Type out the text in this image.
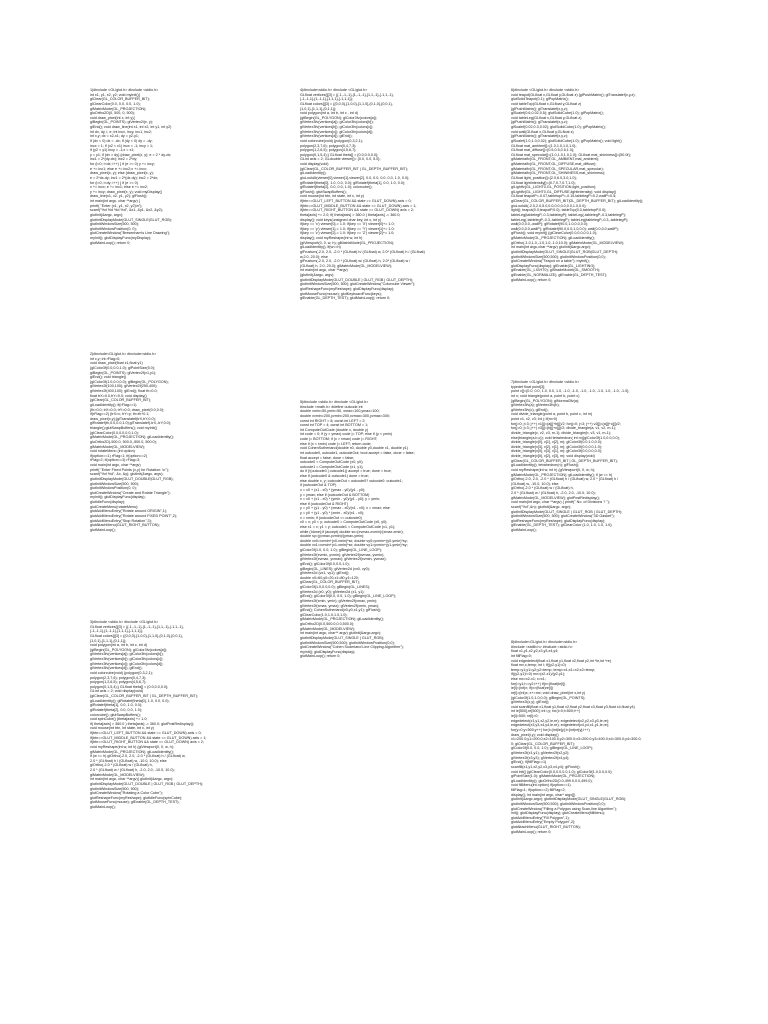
1)#include <GL/glut.h> #include <stdio.h>
int x1, y1, x2, y2; void myInit(){
glClear(GL_COLOR_BUFFER_BIT);
glClearColor(0.0, 0.0, 0.0, 1.0);
glMatrixMode(GL_PROJECTION);
gluOrtho2D(0, 500, 0, 500);
void draw_pixel(int x, int y){
glBegin(GL_POINTS); glVertex2i(x, y);
glEnd(); void draw_line(int x1, int x2, int y1, int y2)
int dx, dy, i, e; int incx, incy, inc1, inc2;
int x,y; dx = x2-x1; dy = y2-y1;
if (dx < 0) dx = -dx; if (dy < 0) dy = -dy;
incx = 1; if (x2 < x1) incx = -1; incy = 1;
if (y2 < y1) incy = -1;x = x1;
y = y1; if (dx > dy) {draw_pixel(x, y); e = 2 * dy-dx;
inc1 = 2*(dy-dx); inc2 = 2*dy;
for (i=0; i<dx; i++) { if (e >= 0) y += incy;
e += inc1; else e += inc2;x += incx;
draw_pixel(x, y); else {draw_pixel(x, y);
e = 2*dx-dy; inc1 = 2*(dx-dy); inc2 = 2*dx;
for (i=0; i<dy; i++) { if (e >= 0)
x += incx; e += inc1; else e += inc2;
y += incy; draw_pixel(x, y); void myDisplay()
draw_line(x1, x2, y1, y2); glFlush();
int main(int argc, char **argv) {
printf( "Enter (x1, y1, x2, y2)\n");
scanf("%d %d %d %d", &x1, &y1, &x2, &y2);
glutInit(&argc, argv);
glutInitDisplayMode(GLUT_SINGLE|GLUT_RGB);
glutInitWindowSize(500, 500);
glutInitWindowPosition(0, 0);
glutCreateWindow("Bresenham's Line Drawing");
myInit(); glutDisplayFunc(myDisplay);
glutMainLoop(); return 0;
2)#include<GL/glut.h> #include<stdio.h>
int x,y; int rFlag=0;
void draw_pixel(float x1,float y1)
{glColor3f(0.0,0.0,1.0); glPointSize(5.0);
glBegin(GL_POINTS); glVertex2f(x1,y1);
glEnd(); void triangle()
{glColor3f(1.0,0.0,0.0); glBegin(GL_POLYGON);
glVertex2f(100,100); glVertex2f(250,400);
glVertex2f(400,100); glEnd(); float th=0.0;
float trX=0.0,trY=0.0; void display()
{glClear(GL_COLOR_BUFFER_BIT);
glLoadIdentity(); if(rFlag==1)
{th=0.0; trX=0.0; trY=0.0; draw_pixel(0.0,0.0);
if(rFlag==2) {trX=x; trY=y; th=th+0.1;
draw_pixel(x,y);}glTranslatef(trX,trY,0.0);
glRotatef(th,0.0,0.0,1.0);glTranslatef(-trX,-trY,0.0);
triangle();glutSwapBuffers(); void myInit()
{glClearColor(0.0,0.0,0.0,1.0);
glMatrixMode(GL_PROJECTION); glLoadIdentity();
gluOrtho2D(-500.0, 500.0,-500.0, 500.0);
glMatrixMode(GL_MODELVIEW);
void rotateMenu (int option)
if(option==1) rFlag=1; if(option==2)
rFlag=2; if(option==3) rFlag=3;
void main(int argc, char **argv)
printf( "Enter Fixed Points (x,y) for Rotation: \n");
scanf("%d %d", &x, &y); glutInit(&argc, argv);
glutInitDisplayMode(GLUT_DOUBLE|GLUT_RGB);
glutInitWindowSize(500, 500);
glutInitWindowPosition(0, 0);
glutCreateWindow("Create and Rotate Triangle");
myInit(); glutDisplayFunc(display);
glutIdleFunc(display);
glutCreateMenu(rotateMenu);
glutAddMenuEntry("Rotate around ORIGIN",1);
glutAddMenuEntry("Rotate around FIXED POINT",2);
glutAddMenuEntry("Stop Rotation",3);
glutAttachMenu(GLUT_RIGHT_BUTTON);
glutMainLoop();
3)#include <stdio.h> #include <GL/glut.h>
GLfloat vertices[][3] = {{-1,-1,-1},{1,-1,-1},{1,1,-1},{-1,1,-1},
{-1,-1,1},{1,-1,1},{1,1,1},{-1,1,1}};
GLfloat colors[][3] = {{0,0,0},{1,0,0},{1,1,0},{0,1,0},{0,0,1},
{1,0,1},{1,1,1},{0,1,1}};
void polygon(int a, int b, int c, int d)
{glBegin(GL_POLYGON); glColor3fv(colors[a]);
glVertex3fv(vertices[a]); glColor3fv(colors[b]);
glVertex3fv(vertices[b]); glColor3fv(colors[c]);
glVertex3fv(vertices[c]); glColor3fv(colors[d]);
glVertex3fv(vertices[d]); glEnd();
void colorcube(void) {polygon(0,3,2,1);
polygon(2,3,7,6); polygon(0,4,7,3);
polygon(1,2,6,5); polygon(4,5,6,7);
polygon(0,1,5,4);} GLfloat theta[] = {0.0,0.0,0.0};
GLint axis = 2; void display(void)
{glClear(GL_COLOR_BUFFER_BIT | GL_DEPTH_BUFFER_BIT);
glLoadIdentity(); glRotatef(theta[0], 1.0, 0.0, 0.0);
glRotatef(theta[1], 0.0, 1.0, 0.0);
glRotatef(theta[2], 0.0, 0.0, 1.0);
colorcube(); glutSwapBuffers();
void spinCube() {theta[axis] += 1.0;
if( theta[axis] > 360.0 ) theta[axis] -= 360.0; glutPostRedisplay();
void mouse(int btn, int state, int x, int y)
if(btn==GLUT_LEFT_BUTTON && state == GLUT_DOWN) axis = 0;
if(btn==GLUT_MIDDLE_BUTTON && state == GLUT_DOWN) axis = 1;
if(btn==GLUT_RIGHT_BUTTON && state == GLUT_DOWN) axis = 2;
void myReshape(int w, int h) {glViewport(0, 0, w, h);
glMatrixMode(GL_PROJECTION); glLoadIdentity();
if (w <= h) glOrtho(-2.0, 2.0, -2.0 * (GLfloat) h / (GLfloat) w,
2.0 * (GLfloat) h / (GLfloat) w, -10.0, 10.0); else
glOrtho(-2.0 * (GLfloat) w / (GLfloat) h,
2.0 * (GLfloat) w / (GLfloat) h, -2.0, 2.0, -10.0, 10.0);
glMatrixMode(GL_MODELVIEW);
int main(int argc, char **argv){ glutInit(&argc, argv);
glutInitDisplayMode(GLUT_DOUBLE | GLUT_RGB | GLUT_DEPTH);
glutInitWindowSize(500, 500);
glutCreateWindow("Rotating a Color Cube");
glutReshapeFunc(myReshape); glutIdleFunc(spinCube);
glutMouseFunc(mouse); glEnable(GL_DEPTH_TEST);
glutMainLoop();
4)#include<stdio.h> #include <GL/glut.h>
GLfloat vertices[][3] = {{-1,-1,-1},{1,-1,-1},{1,1,-1},{-1,1,-1},
{-1,-1,1},{1,-1,1},{1,1,1},{-1,1,1}};
GLfloat colors[][3] = {{0,0,0},{1,0,0},{1,1,0},{0,1,0},{0,0,1},
{1,0,1},{1,1,1},{0,1,1}};
void polygon(int a, int b, int c , int d)
{glBegin(GL_POLYGON); glColor3fv(colors[a]);
glVertex3fv(vertices[a]); glColor3fv(colors[b]);
glVertex3fv(vertices[b]); glColor3fv(colors[c]);
glVertex3fv(vertices[c]); glColor3fv(colors[d]);
glVertex3fv(vertices[d]); glEnd();
void colorcube(void) {polygon(0,3,2,1);
polygon(2,3,7,6); polygon(0,4,7,3);
polygon(1,2,6,5); polygon(4,5,6,7);
polygon(0,1,5,4);} GLfloat theta[] = {0.0,0.0,0.0};
GLint axis = 2; GLdouble viewer[]= {0.0, 0.0, 5.0};
void display(void)
{glClear(GL_COLOR_BUFFER_BIT | GL_DEPTH_BUFFER_BIT);
glLoadIdentity();
gluLookAt(viewer[0],viewer[1],viewer[2], 0.0, 0.0, 0.0, 0.0, 1.0, 0.0);
glRotatef(theta[0], 1.0, 0.0, 0.0); glRotatef(theta[1], 0.0, 1.0, 0.0);
glRotatef(theta[2], 0.0, 0.0, 1.0); colorcube();
glFlush(); glutSwapBuffers();
void mouse(int btn, int state, int x, int y)
if(btn==GLUT_LEFT_BUTTON && state == GLUT_DOWN) axis = 0;
if(btn==GLUT_MIDDLE_BUTTON && state == GLUT_DOWN) axis = 1;
if(btn==GLUT_RIGHT_BUTTON && state == GLUT_DOWN) axis = 2;
theta[axis] += 2.0; if( theta[axis] > 360.0 ) theta[axis] -= 360.0;
display(); void keys(unsigned char key, int x, int y)
if(key == 'x') viewer[0]-= 1.0; if(key == 'X') viewer[0]+= 1.0;
if(key == 'y') viewer[1]-= 1.0; if(key == 'Y') viewer[1]+= 1.0;
if(key == 'z') viewer[2]-= 1.0; if(key == 'Z') viewer[2]+= 1.0;
display(); void myReshape(int w, int h)
{glViewport(0, 0, w, h); glMatrixMode(GL_PROJECTION);
glLoadIdentity(); if(w<=h)
glFrustum(-2.0, 2.0, -2.0 * (GLfloat) h/ (GLfloat) w, 2.0* (GLfloat) h / (GLfloat)
w,2.0, 20.0); else
glFrustum(-2.0, 2.0, -2.0 * (GLfloat) w/ (GLfloat) h, 2.0* (GLfloat) w /
(GLfloat) h, 2.0, 20.0); glMatrixMode(GL_MODELVIEW);
int main(int argc, char **argv)
{glutInit(&argc, argv);
glutInitDisplayMode(GLUT_DOUBLE | GLUT_RGB | GLUT_DEPTH);
glutInitWindowSize(500, 500); glutCreateWindow("Colorcube Viewer");
glutReshapeFunc(myReshape); glutDisplayFunc(display);
glutMouseFunc(mouse); glutKeyboardFunc(keys);
glEnable(GL_DEPTH_TEST); glutMainLoop(); return 0;
5)#include <stdio.h> #include <GL/glut.h>
#include <math.h> #define outcode int
double xmin=50,ymin=50, xmax=100,ymax=100;
double xvmin=200,yvmin=200,xvmax=300,yvmax=300;
const int RIGHT = 8; const int LEFT = 2;
const int TOP = 4; const int BOTTOM = 1;
int ComputeOutCode (double x, double y)
int code = 0; if (y > ymax) code |= TOP; else if (y < ymin)
code |= BOTTOM; if (x > xmax) code |= RIGHT;
else if (x < xmin) code |= LEFT; return code;
void CohenSutherland(double x0, double y0,double x1, double y1)
int outcode0, outcode1, outcodeOut; bool accept = false, done = false;
float accept = false, done = false;
outcode0 = ComputeOutCode (x0, y0);
outcode1 = ComputeOutCode (x1, y1);
do if (!(outcode0 | outcode1)) accept = true; done = true;
else if (outcode0 & outcode1) done = true;
else double x, y; outcodeOut = outcode0? outcode0: outcode1;
if (outcodeOut & TOP)
x = x0 + (x1 - x0) * (ymax - y0)/(y1 - y0);
y = ymax; else if (outcodeOut & BOTTOM)
x = x0 + (x1 - x0) * (ymin - y0)/(y1 - y0); y = ymin;
else if (outcodeOut & RIGHT)
y = y0 + (y1 - y0) * (xmax - x0)/(x1 - x0); x = xmax; else
y = y0 + (y1 - y0) * (xmin - x0)/(x1 - x0);
x = xmin; if (outcodeOut == outcode0)
x0 = x; y0 = y; outcode0 = ComputeOutCode (x0, y0);
else x1 = x; y1 = y; outcode1 = ComputeOutCode (x1, y1);
while (!done);if (accept) double sx=(xvmax-xvmin)/(xmax-xmin);
double sy=(yvmax-yvmin)/(ymax-ymin);
double vx0=xvmin+(x0-xmin)*sx; double vy0=yvmin+(y0-ymin)*sy;
double vx1=xvmin+(x1-xmin)*sx; double vy1=yvmin+(y1-ymin)*sy;
glColor3f(1.0, 0.0, 1.0); glBegin(GL_LINE_LOOP);
glVertex2f(xvmin, yvmin); glVertex2f(xvmax, yvmin);
glVertex2f(xvmax, yvmax); glVertex2f(xvmin, yvmax);
glEnd(); glColor3f(0.0,0.0,1.0);
glBegin(GL_LINES); glVertex2d (vx0, vy0);
glVertex2d (vx1, vy1); glEnd();
double x0=60,y0=20,x1=80,y1=120;
glClear(GL_COLOR_BUFFER_BIT);
glColor3f(1.0,0.0,0.0); glBegin(GL_LINES);
glVertex2d (x0, y0); glVertex2d (x1, y1);
glEnd(); glColor3f(0.0, 0.0, 1.0); glBegin(GL_LINE_LOOP);
glVertex2f(xmin, ymin); glVertex2f(xmax, ymin);
glVertex2f(xmax, ymax); glVertex2f(xmin, ymax);
glEnd(); CohenSutherland(x0,y0,x1,y1); glFlush();
glClearColor(1.0,1.0,1.0,1.0);
glMatrixMode(GL_PROJECTION); glLoadIdentity();
gluOrtho2D(0.0,500.0,0.0,500.0);
glMatrixMode(GL_MODELVIEW);
int main(int argc, char** argv) glutInit(&argc,argv);
glutInitDisplayMode(GLUT_SINGLE | GLUT_RGB);
glutInitWindowSize(500,500); glutInitWindowPosition(0,0);
glutCreateWindow("Cohen Suderland Line Clipping Algorithm");
myinit(); glutDisplayFunc(display);
glutMainLoop(); return 0;
6)#include <GL/glut.h> #include <stdio.h>
void teapot(GLfloat x,GLfloat y,GLfloat z) {glPushMatrix(); glTranslatef(x,y,z);
glutSolidTeapot(0.1); glPopMatrix();
void tableTop(GLfloat x,GLfloat y,GLfloat z)
{glPushMatrix(); glTranslatef(x,y,z);
glScalef(0.6,0.02,0.5); glutSolidCube(1.0); glPopMatrix();
void tableLeg(GLfloat x,GLfloat y,GLfloat z)
{glPushMatrix(); glTranslatef(x,y,z);
glScalef(0.02,0.3,0.02); glutSolidCube(1.0); glPopMatrix();
void wall(GLfloat x,GLfloat y,GLfloat z)
{glPushMatrix(); glTranslatef(x,y,z);
glScalef(1.0,1.0,0.02); glutSolidCube(1.0); glPopMatrix(); void light()
GLfloat mat_ambient[]={1.0,1.0,1.0,1.0};
GLfloat mat_diffuse[]={0.5,0.5,0.5,1.0};
GLfloat mat_specular[]={1.0,1.0,1.0,1.0}; GLfloat mat_shininess[]={50.0f};
glMaterialfv(GL_FRONT,GL_AMBIENT,mat_ambient);
glMaterialfv(GL_FRONT,GL_DIFFUSE,mat_diffuse);
glMaterialfv(GL_FRONT,GL_SPECULAR,mat_specular);
glMaterialfv(GL_FRONT,GL_SHININESS,mat_shininess);
GLfloat light_position[]={2.0,6.0,3.0,1.0};
GLfloat lightIntensity[]={0.7,0.7,0.7,1.0};
glLightfv(GL_LIGHT0,GL_POSITION,light_position);
glLightfv(GL_LIGHT0,GL_DIFFUSE,lightIntensity); void display()
GLfloat teapotP=-0.07,tabletopP=-0.15,tablelegP=0.2,wallP=0.5;
glClear(GL_COLOR_BUFFER_BIT|GL_DEPTH_BUFFER_BIT); glLoadIdentity();
gluLookAt(-2.0,2.0,5.0,0.0,0.0,0.0,0.0,1.0,0.0);
light(); teapot(0.0,teapotP,0.0); tableTop(0.0,tabletopP,0.0);
tableLeg(tablelegP,-0.3,tablelegP); tableLeg(-tablelegP,-0.3,tablelegP);
tableLeg(-tablelegP,-0.3,-tablelegP); tableLeg(tablelegP,-0.3,-tablelegP);
wall(0.0,0.0,-wallP); glRotatef(90.0,1.0,0.0,0.0);
wall(0.0,0.0,wallP); glRotatef(90.0,0.0,1.0,0.0); wall(0.0,0.0,wallP);
glFlush(); void myinit() {glClearColor(0.0,0.0,0.0,1.0);
glMatrixMode(GL_PROJECTION); glLoadIdentity();
glOrtho(-1.0,1.0,-1.0,1.0,-1.0,10.0); glMatrixMode(GL_MODELVIEW);
int main(int argc,char **argv) glutInit(&argc,argv);
glutInitDisplayMode(GLUT_SINGLE|GLUT_RGB|GLUT_DEPTH);
glutInitWindowSize(500,500); glutInitWindowPosition(0,0);
glutCreateWindow("Teapot on a table"); myinit();
glutDisplayFunc(display); glEnable(GL_LIGHTING);
glEnable(GL_LIGHT0); glShadeModel(GL_SMOOTH);
glEnable(GL_NORMALIZE); glEnable(GL_DEPTH_TEST);
glutMainLoop(); return 0;
7)#include <GL/glut.h> #include <stdio.h>
typedef float point[3];
point v[]={0.0, 0.0, 1.0, 0.0, 1.0, -1.0, -1.0, -1.0, -1.0, -1.0, 1.0, -1.0, -1.0};
int n; void triangle(point a, point b, point c)
{glBegin(GL_POLYGON); glNormal3fv(a);
glVertex3fv(a); glVertex3fv(b);
glVertex3fv(c); glEnd();
void divide_triangle(point a, point b, point c, int m)
point v1, v2, v3; int j; if(m>0)
for(j=0; j<3; j++) v1[j]=(a[j]+b[j])/2; for(j=0; j<3; j++) v2[j]=(a[j]+c[j])/2;
for(j=0; j<3; j++) v3[j]=(b[j]+c[j])/2; divide_triangle(a, v1, v2, m-1);
divide_triangle(c, v2, v3, m-1); divide_triangle(b, v3, v1, m-1);
else(triangle(a,b,c)); void tetrahedron( int m){glColor3f(1.0,0.0,0.0);
divide_triangle(v[0], v[1], v[2], m); glColor3f(0.0,1.0,0.0);
divide_triangle(v[3], v[2], v[1], m); glColor3f(0.0,0.0,1.0);
divide_triangle(v[0], v[3], v[1], m); glColor3f(0.0,0.0,0.0);
divide_triangle(v[0], v[2], v[3], m); void display(void)
glClear(GL_COLOR_BUFFER_BIT | GL_DEPTH_BUFFER_BIT);
glLoadIdentity(); tetrahedron(n); glFlush();
void myReshape(int w, int h) {glViewport(0, 0, w, h);
glMatrixMode(GL_PROJECTION); glLoadIdentity(); if (w <= h)
glOrtho(-2.0, 2.0, -2.0 * (GLfloat) h / (GLfloat) w, 2.0 * (GLfloat) h /
(GLfloat) w, -10.0, 10.0); else
glOrtho(-2.0 * (GLfloat) w / (GLfloat) h,
2.0 * (GLfloat) w / (GLfloat) h, -2.0, 2.0, -10.0, 10.0);
glMatrixMode(GL_MODELVIEW); glutPostRedisplay();
void main(int argc, char **argv) { printf(" No. of Divisions ? ");
scanf("%d",&n); glutInit(&argc, argv);
glutInitDisplayMode(GLUT_SINGLE | GLUT_RGB | GLUT_DEPTH);
glutInitWindowSize(500, 500); glutCreateWindow("3D Gasket");
glutReshapeFunc(myReshape); glutDisplayFunc(display);
glEnable(GL_DEPTH_TEST); glClearColor (1.0, 1.0, 1.0, 1.0);
glutMainLoop();
8)#include<GL/glut.h> #include<stdio.h>
#include <stdlib.h> #include <stdio.h>
float x1,y1,x2,y2,x3,y3,x4,y4;
int fillFlag=0;
void edgedetect(float x1,float y1,float x2,float y2,int *le,int *re)
float mx,x,temp; int i; if((y2-y1)<0)
temp=y1;y1=y2;y2=temp; temp=x1;x1=x2;x2=temp;
if((y2-y1)!=0) mx=(x2-x1)/(y2-y1);
else mx=x2-x1; x=x1;
for(i=y1;i<=y2;i++) if(x<(float)le[i])
le[i]=(int)x; if(x>(float)re[i])
re[i]=(int)x; x+=mx; void draw_pixel(int x,int y)
{glColor3f(1.0,1.0,0.0); glBegin(GL_POINTS);
glVertex2i(x,y); glEnd();
void scanfill(float x1,float y1,float x2,float y2,float x3,float y3,float x4,float y4)
int le[500],re[500]; int i,y; for(i=0;i<500;i++)
le[i]=500; re[i]=0;
edgedetect(x1,y1,x2,y2,le,re); edgedetect(x2,y2,x3,y3,le,re);
edgedetect(x3,y3,x4,y4,le,re); edgedetect(x4,y4,x1,y1,le,re);
for(y=0;y<500;y++) for(i=(int)le[y];i<(int)re[y];i++)
draw_pixel(i,y); void display()
x1=200.0;y1=200.0;x2=100.0;y2=300.0;x3=200.0;y3=400.0;x4=300.0;y4=300.0;
0; glClear(GL_COLOR_BUFFER_BIT);
glColor3f(0.0, 0.0, 1.0); glBegin(GL_LINE_LOOP);
glVertex2f(x1,y1); glVertex2f(x2,y2);
glVertex2f(x3,y3); glVertex2f(x4,y4);
glEnd(); if(fillFlag==1)
scanfill(x1,y1,x2,y2,x3,y3,x4,y4); glFlush();
void init() {glClearColor(0.0,0.0,0.0,1.0); glColor3f(1.0,0.0,0.0);
glPointSize(1.0); glMatrixMode(GL_PROJECTION);
glLoadIdentity(); gluOrtho2D(0.0,499.0,0.0,499.0);
void fillMenu(int option) if(option==1)
fillFlag=1; if(option==2) fillFlag=2;
display(); int main(int argc, char* argv[])
glutInit(&argc,argv); glutInitDisplayMode(GLUT_SINGLE|GLUT_RGB);
glutInitWindowSize(500,500); glutInitWindowPosition(0,0);
glutCreateWindow("Filling a Polygon using Scan-line Algorithm");
init(); glutDisplayFunc(display); glutCreateMenu(fillMenu);
glutAddMenuEntry("Fill Polygon",1);
glutAddMenuEntry("Empty Polygon",2);
glutAttachMenu(GLUT_RIGHT_BUTTON);
glutMainLoop(); return 0;
